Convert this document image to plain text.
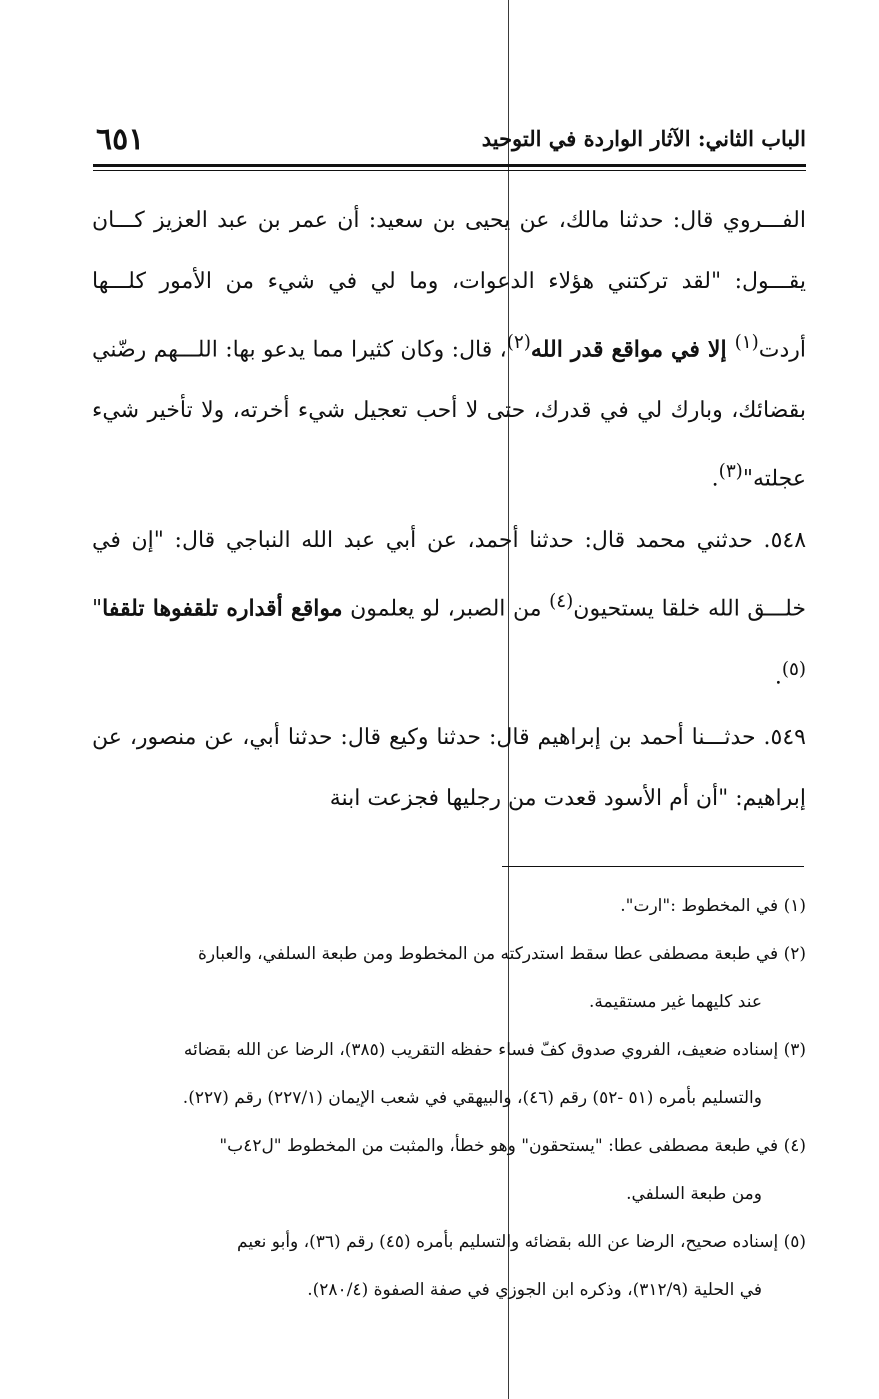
الباب الثاني: الآثار الواردة في التوحيد
٦٥١

الفـــروي قال: حدثنا مالك، عن يحيى بن سعيد: أن عمر بن عبد العزيز كـــان يقـــول: "لقد تركتني هؤلاء الدعوات، وما لي في شيء من الأمور كلـــها أردت$^{(١)}$ إلا في مواقع قدر الله$^{(٢)}$، قال: وكان كثيرا مما يدعو بها: اللـــهم رضّني بقضائك، وبارك لي في قدرك، حتى لا أحب تعجيل شيء أخرته، ولا تأخير شيء عجلته"$^{(٣)}$.

٥٤٨. حدثني محمد قال: حدثنا أحمد، عن أبي عبد الله النباجي قال: "إن في خلـــق الله خلقا يستحيون$^{(٤)}$ من الصبر، لو يعلمون مواقع أقداره تلقفوها تلقفا"$^{(٥)}$.

٥٤٩. حدثـــنا أحمد بن إبراهيم قال: حدثنا وكيع قال: حدثنا أبي، عن منصور، عن إبراهيم: "أن أم الأسود قعدت من رجليها فجزعت ابنة

(١) في المخطوط :"ارت".

(٢) في طبعة مصطفى عطا سقط استدركته من المخطوط ومن طبعة السلفي، والعبارة
عند كليهما غير مستقيمة.

(٣) إسناده ضعيف، الفروي صدوق كفّ فساء حفظه التقريب (٣٨٥)، الرضا عن الله بقضائه
والتسليم بأمره (٥١ -٥٢) رقم (٤٦)، والبيهقي في شعب الإيمان (٢٢٧/١) رقم (٢٢٧).

(٤) في طبعة مصطفى عطا: "يستحقون" وهو خطأ، والمثبت من المخطوط "ل٤٢ب"
ومن طبعة السلفي.

(٥) إسناده صحيح، الرضا عن الله بقضائه والتسليم بأمره (٤٥) رقم (٣٦)، وأبو نعيم
في الحلية (٣١٢/٩)، وذكره ابن الجوزي في صفة الصفوة (٢٨٠/٤).
